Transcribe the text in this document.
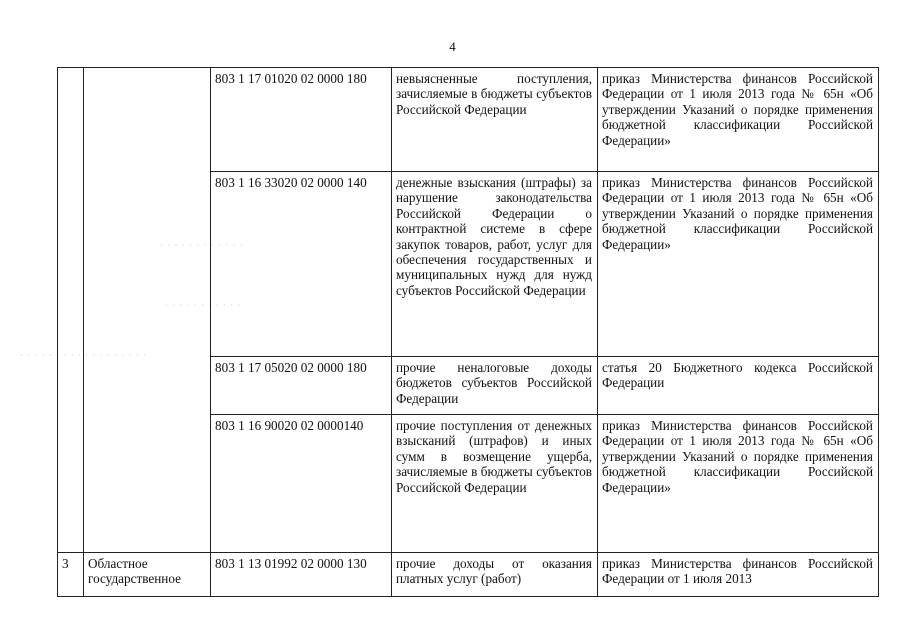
4
· · · · · · · · · · · ·
· · · · · · · · · · ·
· · · · · · · · · · · · · · · · · ·
		803 1 17 01020 02 0000 180	невыясненные поступления, зачисляемые в бюджеты субъектов Российской Федерации	приказ Министерства финансов Российской Федерации от 1 июля 2013 года № 65н «Об утверждении Указаний о порядке применения бюджетной классификации Российской Федерации»
		803 1 16 33020 02 0000 140	денежные взыскания (штрафы) за нарушение законодательства Российской Федерации о контрактной системе в сфере закупок товаров, работ, услуг для обеспечения государственных и муниципальных нужд для нужд субъектов Российской Федерации	приказ Министерства финансов Российской Федерации от 1 июля 2013 года № 65н «Об утверждении Указаний о порядке применения бюджетной классификации Российской Федерации»
		803 1 17 05020 02 0000 180	прочие неналоговые доходы бюджетов субъектов Российской Федерации	статья 20 Бюджетного кодекса Российской Федерации
		803 1 16 90020 02 0000140	прочие поступления от денежных взысканий (штрафов) и иных сумм в возмещение ущерба, зачисляемые в бюджеты субъектов Российской Федерации	приказ Министерства финансов Российской Федерации от 1 июля 2013 года № 65н «Об утверждении Указаний о порядке применения бюджетной классификации Российской Федерации»
3	Областное государственное	803 1 13 01992 02 0000 130	прочие доходы от оказания платных услуг (работ)	приказ Министерства финансов Российской Федерации от 1 июля 2013
